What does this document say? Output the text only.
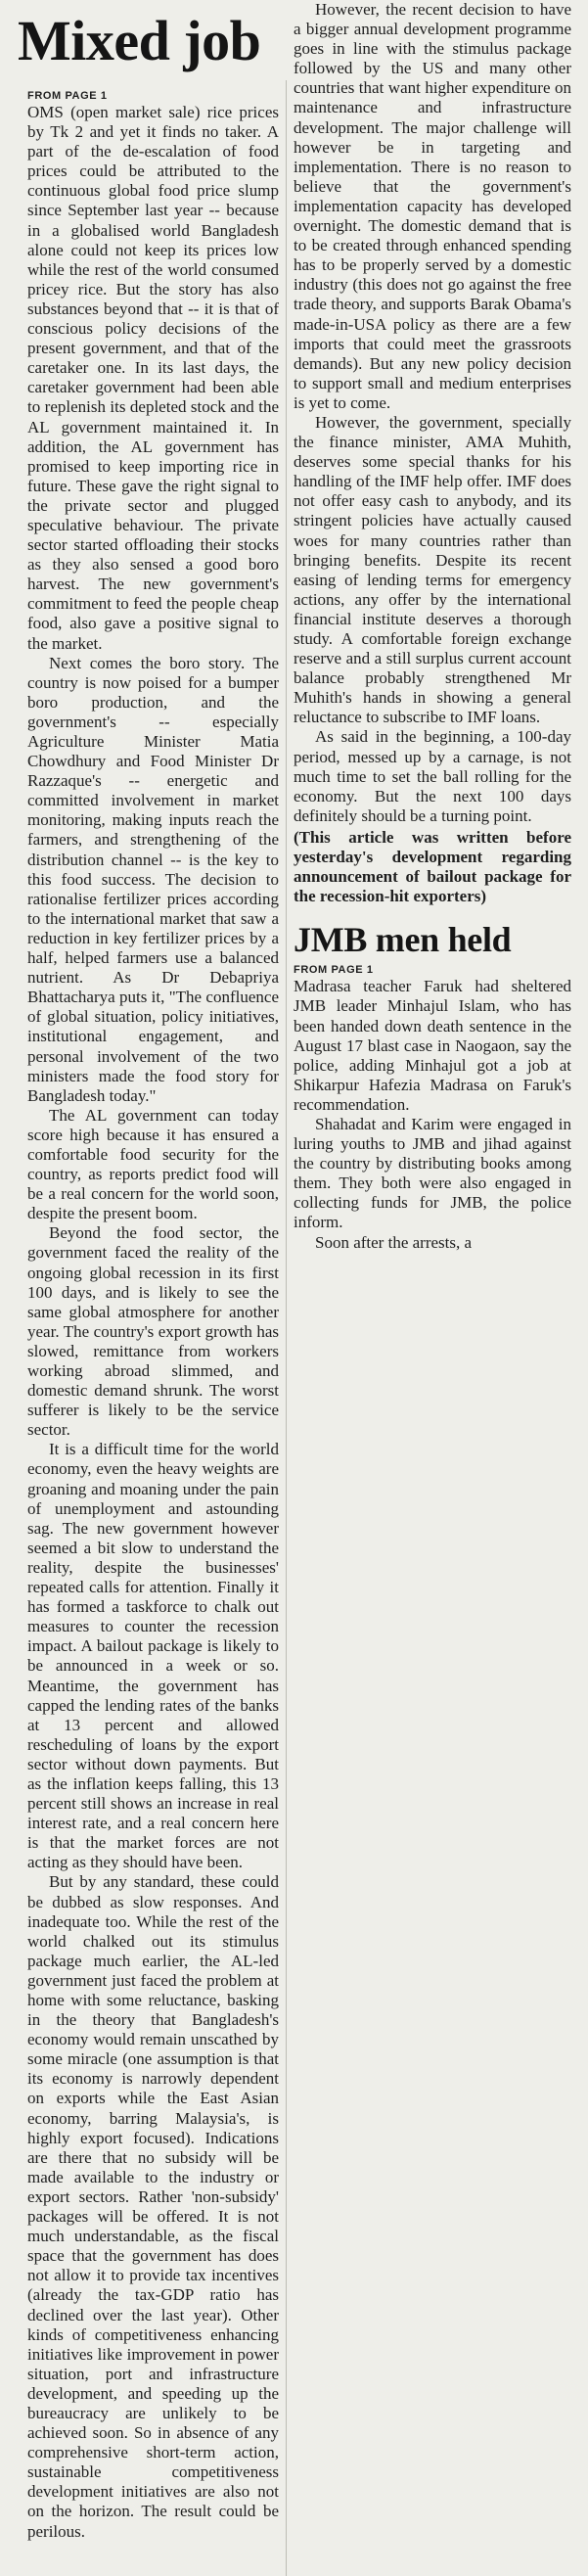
Mixed job
FROM PAGE 1

OMS (open market sale) rice prices by Tk 2 and yet it finds no taker. A part of the de-escalation of food prices could be attributed to the continuous global food price slump since September last year -- because in a globalised world Bangladesh alone could not keep its prices low while the rest of the world consumed pricey rice. But the story has also substances beyond that -- it is that of conscious policy decisions of the present government, and that of the caretaker one. In its last days, the caretaker government had been able to replenish its depleted stock and the AL government maintained it. In addition, the AL government has promised to keep importing rice in future. These gave the right signal to the private sector and plugged speculative behaviour. The private sector started offloading their stocks as they also sensed a good boro harvest. The new government's commitment to feed the people cheap food, also gave a positive signal to the market.

Next comes the boro story. The country is now poised for a bumper boro production, and the government's -- especially Agriculture Minister Matia Chowdhury and Food Minister Dr Razzaque's -- energetic and committed involvement in market monitoring, making inputs reach the farmers, and strengthening of the distribution channel -- is the key to this food success. The decision to rationalise fertilizer prices according to the international market that saw a reduction in key fertilizer prices by a half, helped farmers use a balanced nutrient. As Dr Debapriya Bhattacharya puts it, "The confluence of global situation, policy initiatives, institutional engagement, and personal involvement of the two ministers made the food story for Bangladesh today."

The AL government can today score high because it has ensured a comfortable food security for the country, as reports predict food will be a real concern for the world soon, despite the present boom.

Beyond the food sector, the government faced the reality of the ongoing global recession in its first 100 days, and is likely to see the same global atmosphere for another year. The country's export growth has slowed, remittance from workers working abroad slimmed, and domestic demand shrunk. The worst sufferer is likely to be the service sector.

It is a difficult time for the world economy, even the heavy weights are groaning and moaning under the pain of unemployment and astounding sag. The new government however seemed a bit slow to understand the reality, despite the businesses' repeated calls for attention. Finally it has formed a taskforce to chalk out measures to counter the recession impact. A bailout package is likely to be announced in a week or so. Meantime, the government has capped the lending rates of the banks at 13 percent and allowed rescheduling of loans by the export sector without down payments. But as the inflation keeps falling, this 13 percent still shows an increase in real interest rate, and a real concern here is that the market forces are not acting as they should have been.

But by any standard, these could be dubbed as slow responses. And inadequate too. While the rest of the world chalked out its stimulus package much earlier, the AL-led government just faced the problem at home with some reluctance, basking in the theory that Bangladesh's economy would remain unscathed by some miracle (one assumption is that its economy is narrowly dependent on exports while the East Asian economy, barring Malaysia's, is highly export focused). Indications are there that no subsidy will be made available to the industry or export sectors. Rather 'non-subsidy' packages will be offered. It is not much understandable, as the fiscal space that the government has does not allow it to provide tax incentives (already the tax-GDP ratio has declined over the last year). Other kinds of competitiveness enhancing initiatives like improvement in power situation, port and infrastructure development, and speeding up the bureaucracy are unlikely to be achieved soon. So in absence of any comprehensive short-term action, sustainable competitiveness development initiatives are also not on the horizon. The result could be perilous.

However, the recent decision to have a bigger annual development programme goes in line with the stimulus package followed by the US and many other countries that want higher expenditure on maintenance and infrastructure development. The major challenge will however be in targeting and implementation. There is no reason to believe that the government's implementation capacity has developed overnight. The domestic demand that is to be created through enhanced spending has to be properly served by a domestic industry (this does not go against the free trade theory, and supports Barak Obama's made-in-USA policy as there are a few imports that could meet the grassroots demands). But any new policy decision to support small and medium enterprises is yet to come.

However, the government, specially the finance minister, AMA Muhith, deserves some special thanks for his handling of the IMF help offer. IMF does not offer easy cash to anybody, and its stringent policies have actually caused woes for many countries rather than bringing benefits. Despite its recent easing of lending terms for emergency actions, any offer by the international financial institute deserves a thorough study. A comfortable foreign exchange reserve and a still surplus current account balance probably strengthened Mr Muhith's hands in showing a general reluctance to subscribe to IMF loans.

As said in the beginning, a 100-day period, messed up by a carnage, is not much time to set the ball rolling for the economy. But the next 100 days definitely should be a turning point.

(This article was written before yesterday's development regarding announcement of bailout package for the recession-hit exporters)

JMB men held
FROM PAGE 1

Madrasa teacher Faruk had sheltered JMB leader Minhajul Islam, who has been handed down death sentence in the August 17 blast case in Naogaon, say the police, adding Minhajul got a job at Shikarpur Hafezia Madrasa on Faruk's recommendation.

Shahadat and Karim were engaged in luring youths to JMB and jihad against the country by distributing books among them. They both were also engaged in collecting funds for JMB, the police inform.

Soon after the arrests, a
